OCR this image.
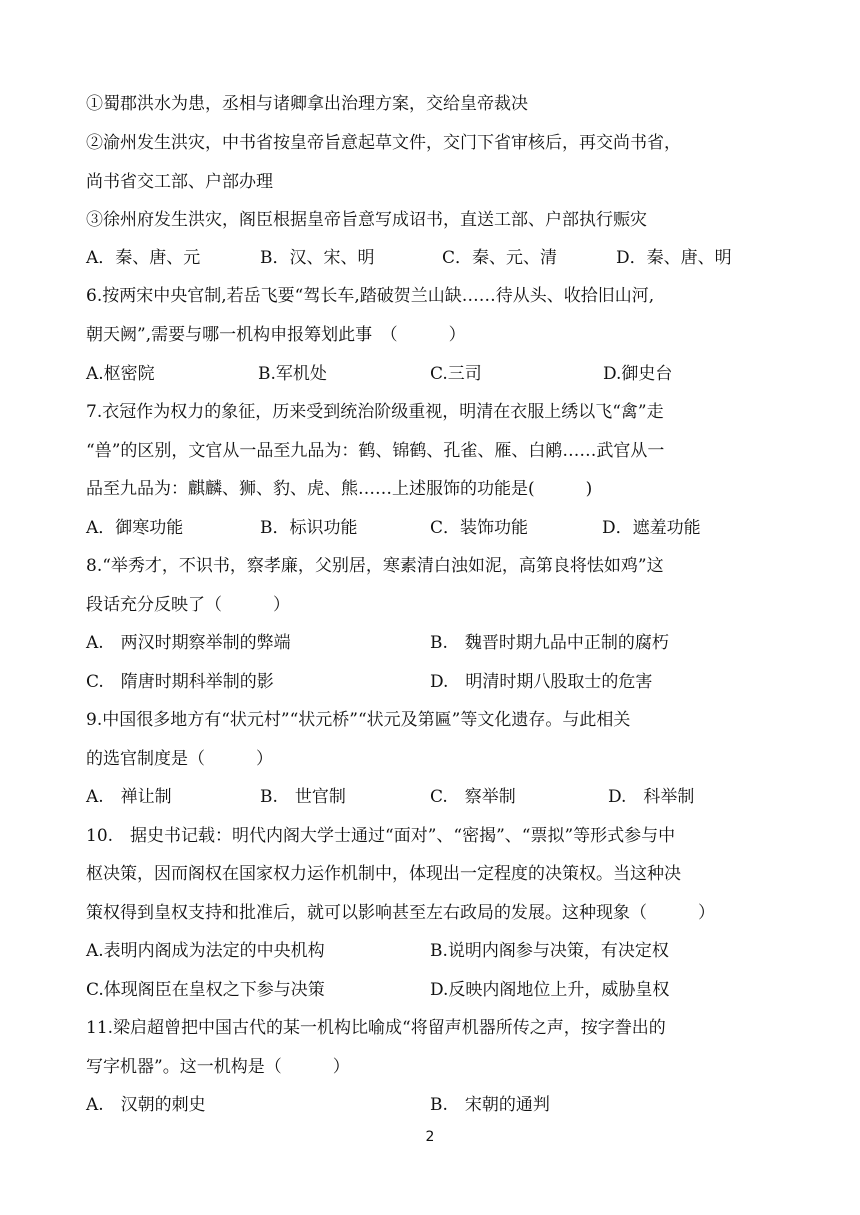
①蜀郡洪水为患，丞相与诸卿拿出治理方案，交给皇帝裁决
②渝州发生洪灾，中书省按皇帝旨意起草文件，交门下省审核后，再交尚书省，
尚书省交工部、户部办理
③徐州府发生洪灾，阁臣根据皇帝旨意写成诏书，直送工部、户部执行赈灾
A．秦、唐、元	B．汉、宋、明	C．秦、元、清	D．秦、唐、明
6.按两宋中央官制,若岳飞要“驾长车,踏破贺兰山缺……待从头、收拾旧山河,
朝天阙”,需要与哪一机构申报筹划此事　（　　　）
A.枢密院	B.军机处	C.三司	D.御史台
7.衣冠作为权力的象征，历来受到统治阶级重视，明清在衣服上绣以飞“禽”走
“兽”的区别，文官从一品至九品为：鹤、锦鹤、孔雀、雁、白鹇……武官从一
品至九品为：麒麟、狮、豹、虎、熊……上述服饰的功能是(　　　)
A．御寒功能	B．标识功能	C．装饰功能	D．遮羞功能
8.“举秀才，不识书，察孝廉，父别居，寒素清白浊如泥，高第良将怯如鸡”这
段话充分反映了（　　　）
A.　两汉时期察举制的弊端	B.　魏晋时期九品中正制的腐朽
C.　隋唐时期科举制的影	D.　明清时期八股取士的危害
9.中国很多地方有“状元村”“状元桥”“状元及第匾”等文化遗存。与此相关
的选官制度是（　　　）
A.　禅让制	B.　世官制	C.　察举制	D.　科举制
10.　据史书记载：明代内阁大学士通过“面对”、“密揭”、“票拟”等形式参与中
枢决策，因而阁权在国家权力运作机制中，体现出一定程度的决策权。当这种决
策权得到皇权支持和批准后，就可以影响甚至左右政局的发展。这种现象（　　　）
A.表明内阁成为法定的中央机构	B.说明内阁参与决策，有决定权
C.体现阁臣在皇权之下参与决策	D.反映内阁地位上升，威胁皇权
11.梁启超曾把中国古代的某一机构比喻成“将留声机器所传之声，按字誊出的
写字机器”。这一机构是（　　　）
A.　汉朝的刺史	B.　宋朝的通判
2
